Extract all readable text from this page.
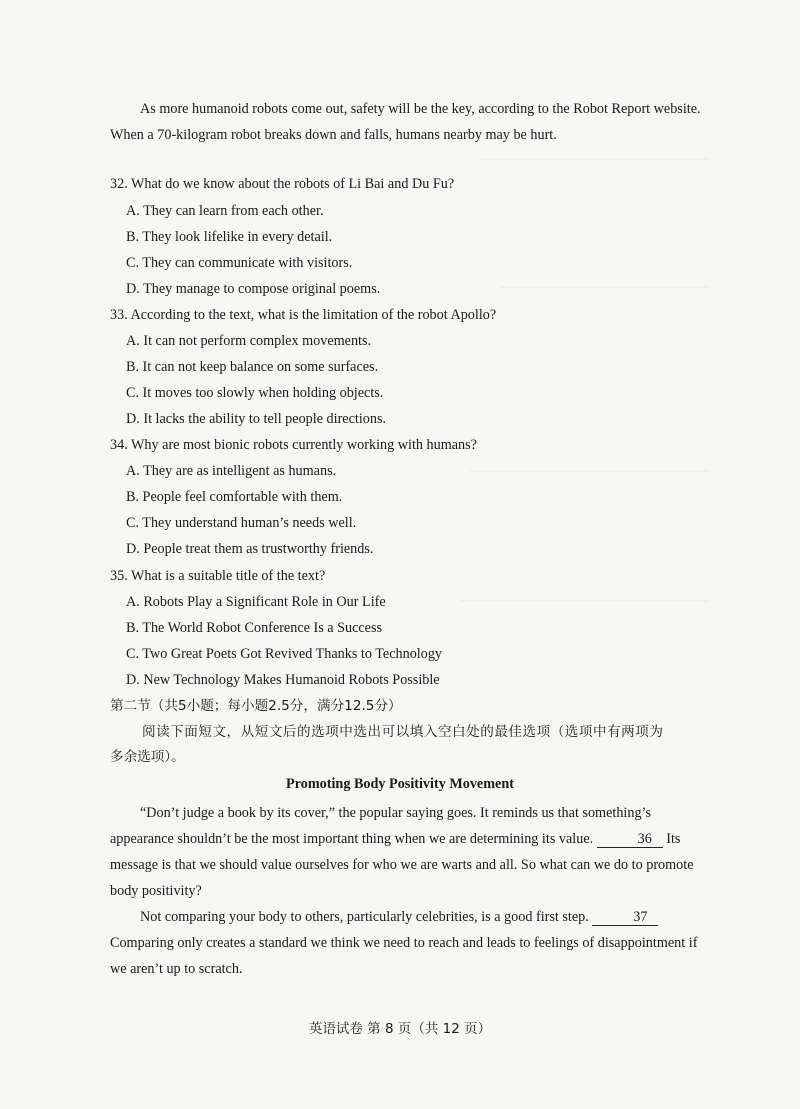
As more humanoid robots come out, safety will be the key, according to the Robot Report website. When a 70-kilogram robot breaks down and falls, humans nearby may be hurt.

32. What do we know about the robots of Li Bai and Du Fu?

A. They can learn from each other.

B. They look lifelike in every detail.

C. They can communicate with visitors.

D. They manage to compose original poems.

33. According to the text, what is the limitation of the robot Apollo?

A. It can not perform complex movements.

B. It can not keep balance on some surfaces.

C. It moves too slowly when holding objects.

D. It lacks the ability to tell people directions.

34. Why are most bionic robots currently working with humans?

A. They are as intelligent as humans.

B. People feel comfortable with them.

C. They understand human’s needs well.

D. People treat them as trustworthy friends.

35. What is a suitable title of the text?

A. Robots Play a Significant Role in Our Life

B. The World Robot Conference Is a Success

C. Two Great Poets Got Revived Thanks to Technology

D. New Technology Makes Humanoid Robots Possible

第二节（共5小题；每小题2.5分，满分12.5分）

阅读下面短文，从短文后的选项中选出可以填入空白处的最佳选项（选项中有两项为

多余选项）。

Promoting Body Positivity Movement

“Don’t judge a book by its cover,” the popular saying goes. It reminds us that something’s appearance shouldn’t be the most important thing when we are determining its value.	36 Its message is that we should value ourselves for who we are warts and all. So what can we do to promote body positivity?

Not comparing your body to others, particularly celebrities, is a good first step.	37 Comparing only creates a standard we think we need to reach and leads to feelings of disappointment if we aren’t up to scratch.

英语试卷 第 8 页（共 12 页）
